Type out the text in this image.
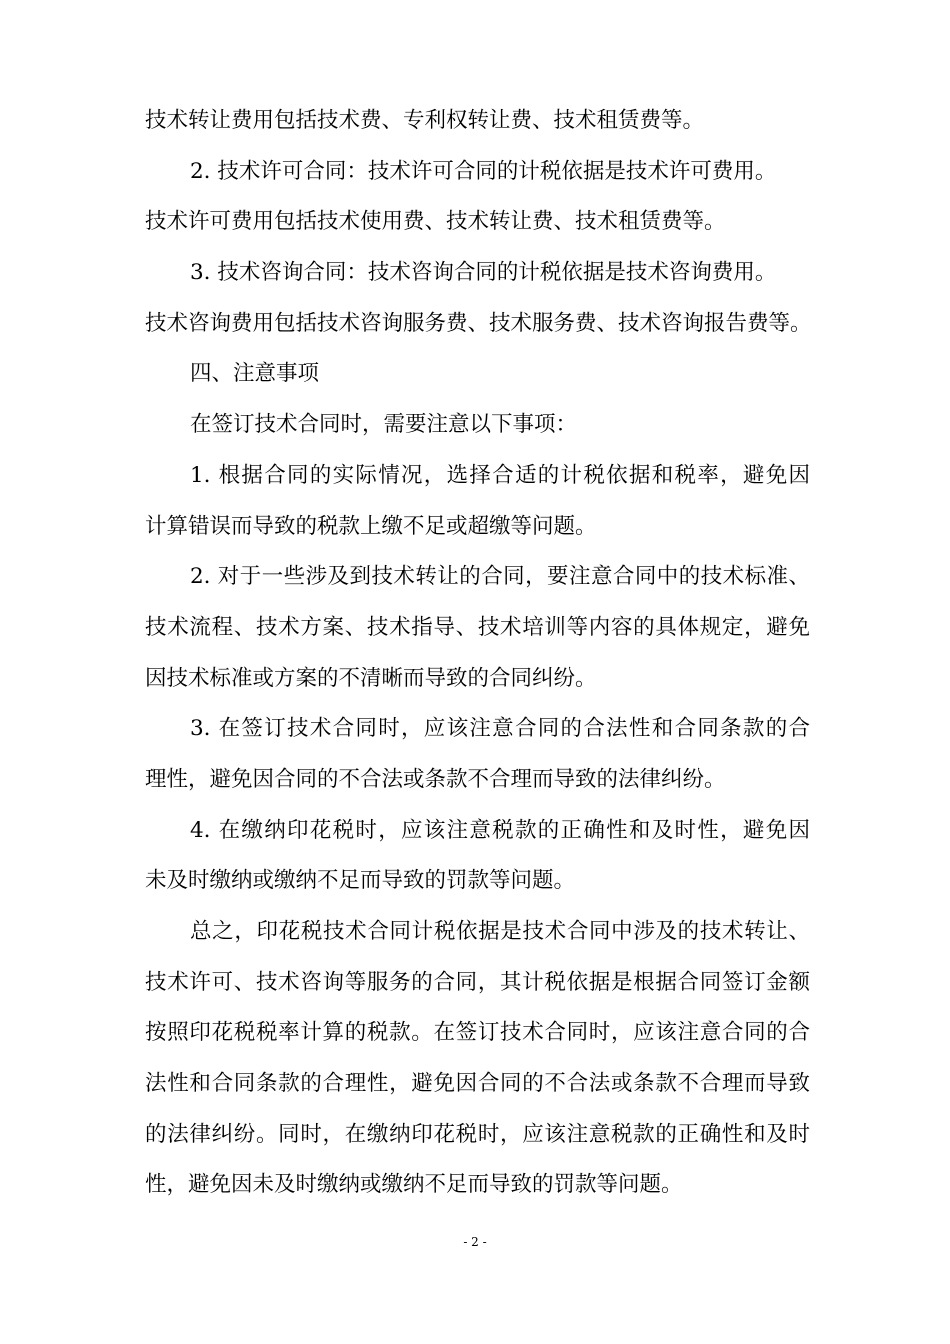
技术转让费用包括技术费、专利权转让费、技术租赁费等。
2. 技术许可合同：技术许可合同的计税依据是技术许可费用。
技术许可费用包括技术使用费、技术转让费、技术租赁费等。
3. 技术咨询合同：技术咨询合同的计税依据是技术咨询费用。
技术咨询费用包括技术咨询服务费、技术服务费、技术咨询报告费等。
四、注意事项
在签订技术合同时，需要注意以下事项：
1. 根据合同的实际情况，选择合适的计税依据和税率，避免因
计算错误而导致的税款上缴不足或超缴等问题。
2. 对于一些涉及到技术转让的合同，要注意合同中的技术标准、
技术流程、技术方案、技术指导、技术培训等内容的具体规定，避免
因技术标准或方案的不清晰而导致的合同纠纷。
3. 在签订技术合同时，应该注意合同的合法性和合同条款的合
理性，避免因合同的不合法或条款不合理而导致的法律纠纷。
4. 在缴纳印花税时，应该注意税款的正确性和及时性，避免因
未及时缴纳或缴纳不足而导致的罚款等问题。
总之，印花税技术合同计税依据是技术合同中涉及的技术转让、
技术许可、技术咨询等服务的合同，其计税依据是根据合同签订金额
按照印花税税率计算的税款。在签订技术合同时，应该注意合同的合
法性和合同条款的合理性，避免因合同的不合法或条款不合理而导致
的法律纠纷。同时，在缴纳印花税时，应该注意税款的正确性和及时
性，避免因未及时缴纳或缴纳不足而导致的罚款等问题。
- 2 -
